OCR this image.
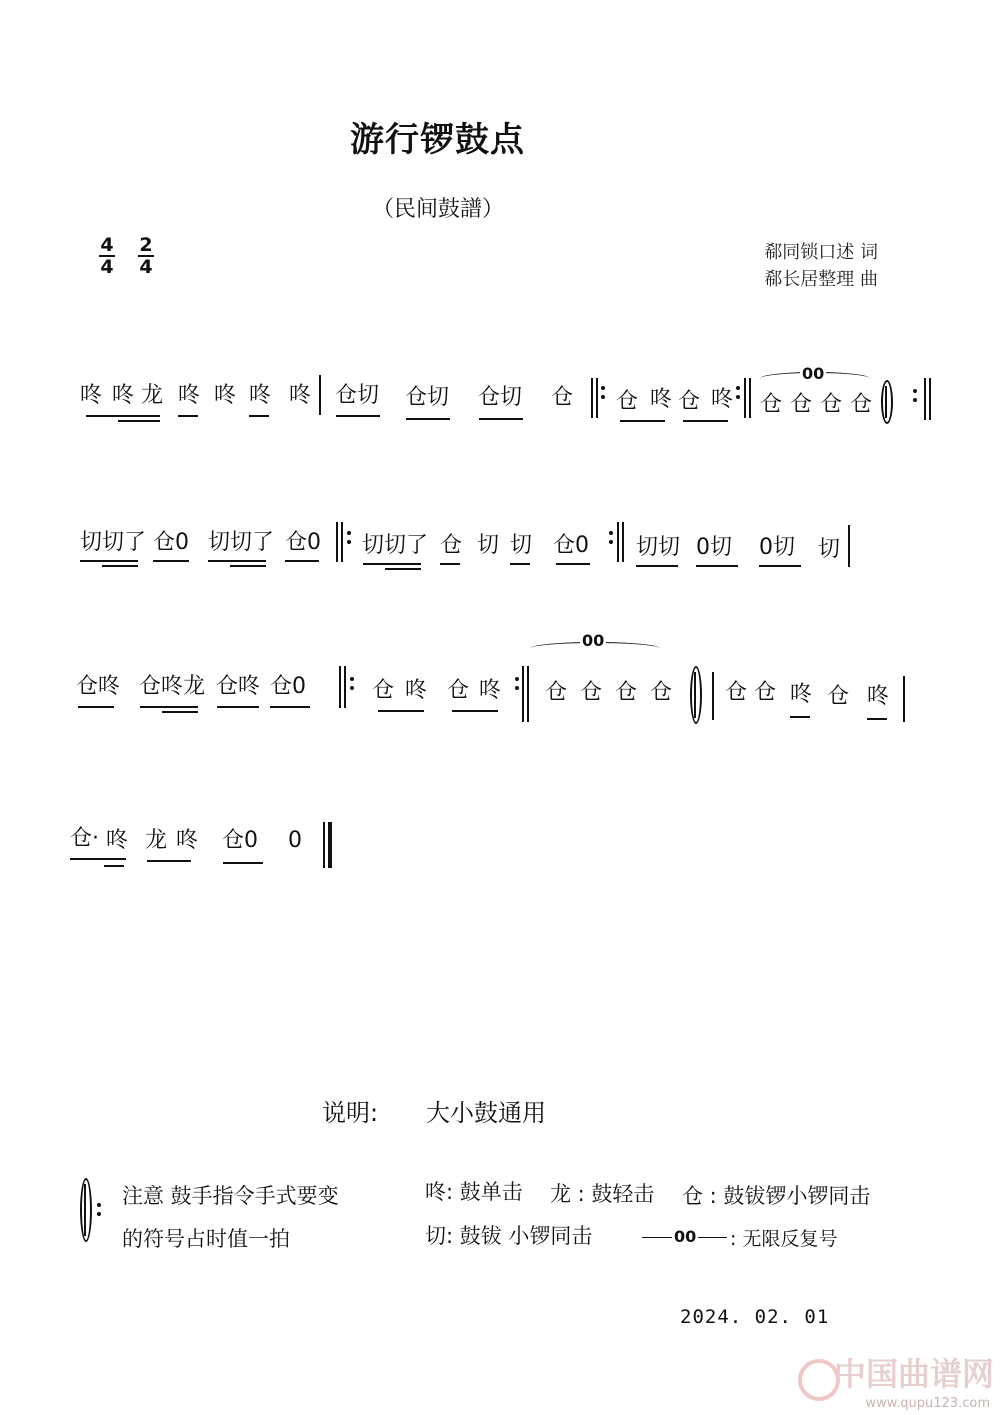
游行锣鼓点
（民间鼓譜）
4
4
2
4
郗同锁口述 词
郗长居整理 曲
咚 咚 龙 咚 咚 咚 咚 仓切 仓切 仓切 仓 仓 咚 仓 咚
00
仓 仓 仓 仓
切切了 仓0 切切了 仓0 切切了 仓 切 切 仓0 切切 0切 0切 切
仓咚 仓咚龙 仓咚 仓0	仓 咚 仓 咚
00
仓 仓 仓 仓 仓 仓 咚 仓 咚
仓· 咚 龙 咚 仓0 0
说明: 大小鼓通用
注意 鼓手指令手式要变
的符号占时值一拍
咚: 鼓单击 龙 : 鼓轻击 仓 : 鼓钹锣小锣同击
切: 鼓钹 小锣同击	00 : 无限反复号
2024. 02. 01
中国曲谱网
www.qupu123.com
